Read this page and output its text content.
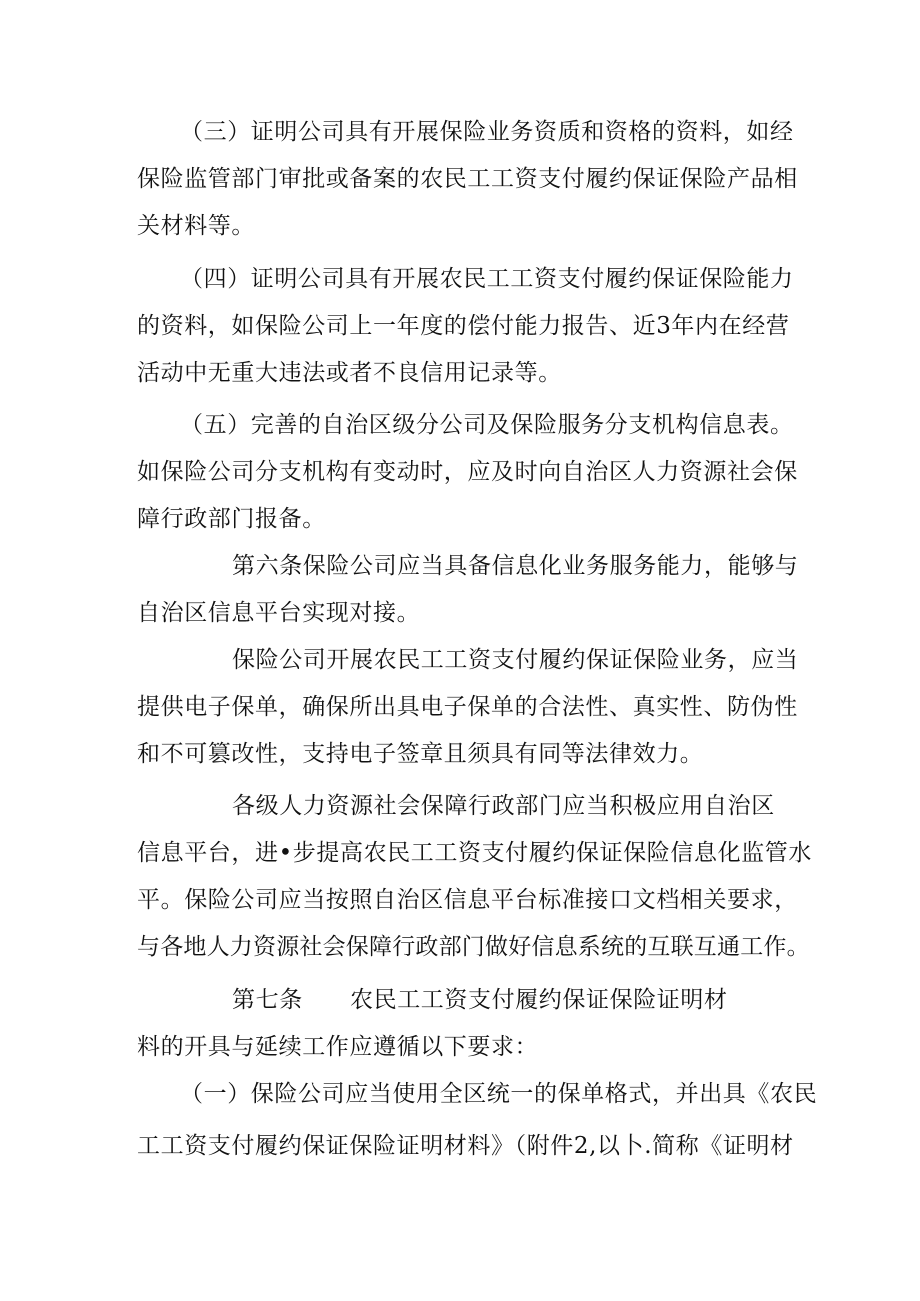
（三）证明公司具有开展保险业务资质和资格的资料，如经
保险监管部门审批或备案的农民工工资支付履约保证保险产品相
关材料等。
（四）证明公司具有开展农民工工资支付履约保证保险能力
的资料，如保险公司上一年度的偿付能力报告、近3年内在经营
活动中无重大违法或者不良信用记录等。
（五）完善的自治区级分公司及保险服务分支机构信息表。
如保险公司分支机构有变动时，应及时向自治区人力资源社会保
障行政部门报备。
第六条保险公司应当具备信息化业务服务能力，能够与
自治区信息平台实现对接。
保险公司开展农民工工资支付履约保证保险业务，应当
提供电子保单，确保所出具电子保单的合法性、真实性、防伪性
和不可篡改性，支持电子签章且须具有同等法律效力。
各级人力资源社会保障行政部门应当积极应用自治区
信息平台，进•步提高农民工工资支付履约保证保险信息化监管水
平。保险公司应当按照自治区信息平台标准接口文档相关要求，
与各地人力资源社会保障行政部门做好信息系统的互联互通工作。
第七条　　农民工工资支付履约保证保险证明材
料的开具与延续工作应遵循以下要求：
（一）保险公司应当使用全区统一的保单格式，并出具《农民
工工资支付履约保证保险证明材料》（附件2,以卜.简称《证明材
